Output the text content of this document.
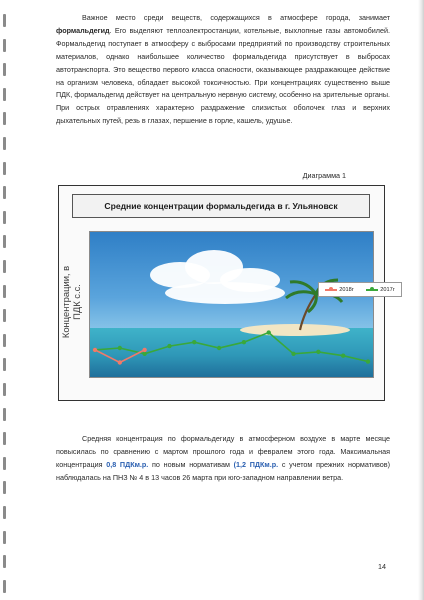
Важное место среди веществ, содержащихся в атмосфере города, занимает формальдегид. Его выделяют теплоэлектростанции, котельные, выхлопные газы автомобилей. Формальдегид поступает в атмосферу с выбросами предприятий по производству строительных материалов, однако наибольшее количество формальдегида присутствует в выбросах автотранспорта. Это вещество первого класса опасности, оказывающее раздражающее действие на организм человека, обладает высокой токсичностью. При концентрациях существенно выше ПДК, формальдегид действует на центральную нервную систему, особенно на зрительные органы. При острых отравлениях характерно раздражение слизистых оболочек глаз и верхних дыхательных путей, резь в глазах, першение в горле, кашель, удушье.

Диаграмма 1
Средние концентрации формальдегида в г. Ульяновск
Концентрации, в ПДК с.с.	2018г	2017г

Средняя концентрация по формальдегиду в атмосферном воздухе в марте месяце повысилась по сравнению с мартом прошлого года и февралем этого года. Максимальная концентрация 0,8 ПДКм.р. по новым нормативам (1,2 ПДКм.р. с учетом прежних нормативов) наблюдалась на ПНЗ № 4 в 13 часов 26 марта при юго-западном направлении ветра.

14
